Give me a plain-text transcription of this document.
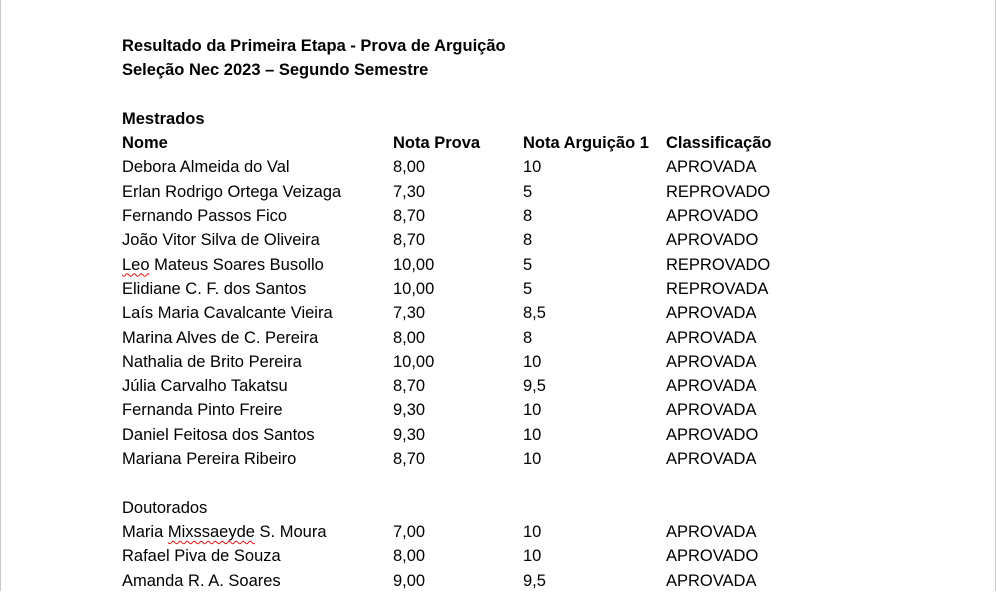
Resultado da Primeira Etapa - Prova de Arguição
Seleção Nec 2023 – Segundo Semestre
Mestrados
Nome	Nota Prova	Nota Arguição 1	Classificação
Debora Almeida do Val	8,00	10	APROVADA
Erlan Rodrigo Ortega Veizaga	7,30	5	REPROVADO
Fernando Passos Fico	8,70	8	APROVADO
João Vitor Silva de Oliveira	8,70	8	APROVADO
Leo Mateus Soares Busollo	10,00	5	REPROVADO
Elidiane C. F. dos Santos	10,00	5	REPROVADA
Laís Maria Cavalcante Vieira	7,30	8,5	APROVADA
Marina Alves de C. Pereira	8,00	8	APROVADA
Nathalia de Brito Pereira	10,00	10	APROVADA
Júlia Carvalho Takatsu	8,70	9,5	APROVADA
Fernanda Pinto Freire	9,30	10	APROVADA
Daniel Feitosa dos Santos	9,30	10	APROVADO
Mariana Pereira Ribeiro	8,70	10	APROVADA
Doutorados
Maria Mixssaeyde S. Moura	7,00	10	APROVADA
Rafael Piva de Souza	8,00	10	APROVADO
Amanda R. A. Soares	9,00	9,5	APROVADA
